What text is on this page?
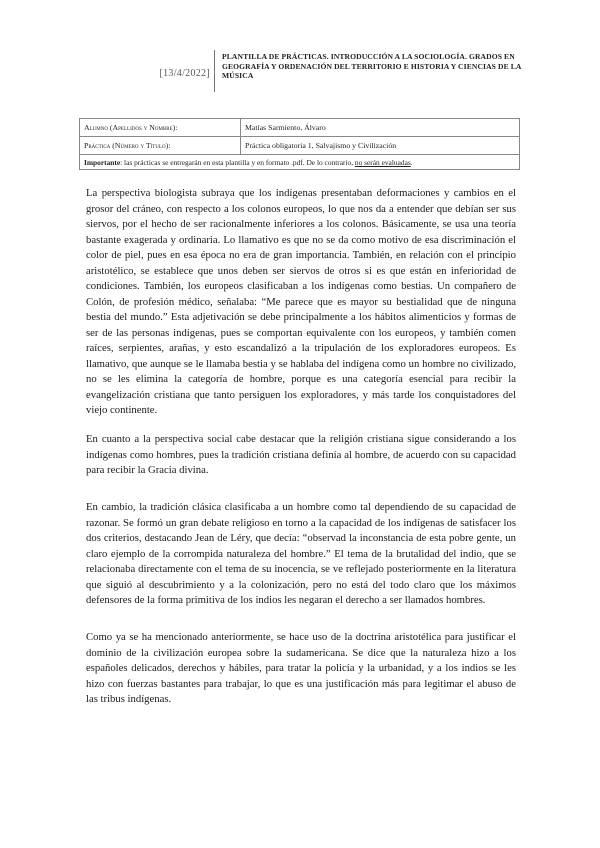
[13/4/2022]
PLANTILLA DE PRÁCTICAS. INTRODUCCIÓN A LA SOCIOLOGÍA. GRADOS EN GEOGRAFÍA Y ORDENACIÓN DEL TERRITORIO E HISTORIA Y CIENCIAS DE LA MÚSICA
Alumno (Apellidos y Nombre):	Matías Sarmiento, Álvaro
Práctica (Número y Título):	Práctica obligatoria 1, Salvajismo y Civilización
Importante: las prácticas se entregarán en esta plantilla y en formato .pdf. De lo contrario, no serán evaluadas.	

La perspectiva biologista subraya que los indígenas presentaban deformaciones y cambios en el grosor del cráneo, con respecto a los colonos europeos, lo que nos da a entender que debían ser sus siervos, por el hecho de ser racionalmente inferiores a los colonos. Básicamente, se usa una teoría bastante exagerada y ordinaria. Lo llamativo es que no se da como motivo de esa discriminación el color de piel, pues en esa época no era de gran importancia. También, en relación con el principio aristotélico, se establece que unos deben ser siervos de otros si es que están en inferioridad de condiciones. También, los europeos clasificaban a los indígenas como bestias. Un compañero de Colón, de profesión médico, señalaba: “Me parece que es mayor su bestialidad que de ninguna bestia del mundo.” Esta adjetivación se debe principalmente a los hábitos alimenticios y formas de ser de las personas indígenas, pues se comportan equivalente con los europeos, y también comen raíces, serpientes, arañas, y esto escandalizó a la tripulación de los exploradores europeos. Es llamativo, que aunque se le llamaba bestia y se hablaba del indígena como un hombre no civilizado, no se les elimina la categoría de hombre, porque es una categoría esencial para recibir la evangelización cristiana que tanto persiguen los exploradores, y más tarde los conquistadores del viejo continente.

En cuanto a la perspectiva social cabe destacar que la religión cristiana sigue considerando a los indígenas como hombres, pues la tradición cristiana definía al hombre, de acuerdo con su capacidad para recibir la Gracia divina.

En cambio, la tradición clásica clasificaba a un hombre como tal dependiendo de su capacidad de razonar. Se formó un gran debate religioso en torno a la capacidad de los indígenas de satisfacer los dos criterios, destacando Jean de Léry, que decía: “observad la inconstancia de esta pobre gente, un claro ejemplo de la corrompida naturaleza del hombre.” El tema de la brutalidad del indio, que se relacionaba directamente con el tema de su inocencia, se ve reflejado posteriormente en la literatura que siguió al descubrimiento y a la colonización, pero no está del todo claro que los máximos defensores de la forma primitiva de los indios les negaran el derecho a ser llamados hombres.

Como ya se ha mencionado anteriormente, se hace uso de la doctrina aristotélica para justificar el dominio de la civilización europea sobre la sudamericana. Se dice que la naturaleza hizo a los españoles delicados, derechos y hábiles, para tratar la policía y la urbanidad, y a los indios se les hizo con fuerzas bastantes para trabajar, lo que es una justificación más para legitimar el abuso de las tribus indígenas.
